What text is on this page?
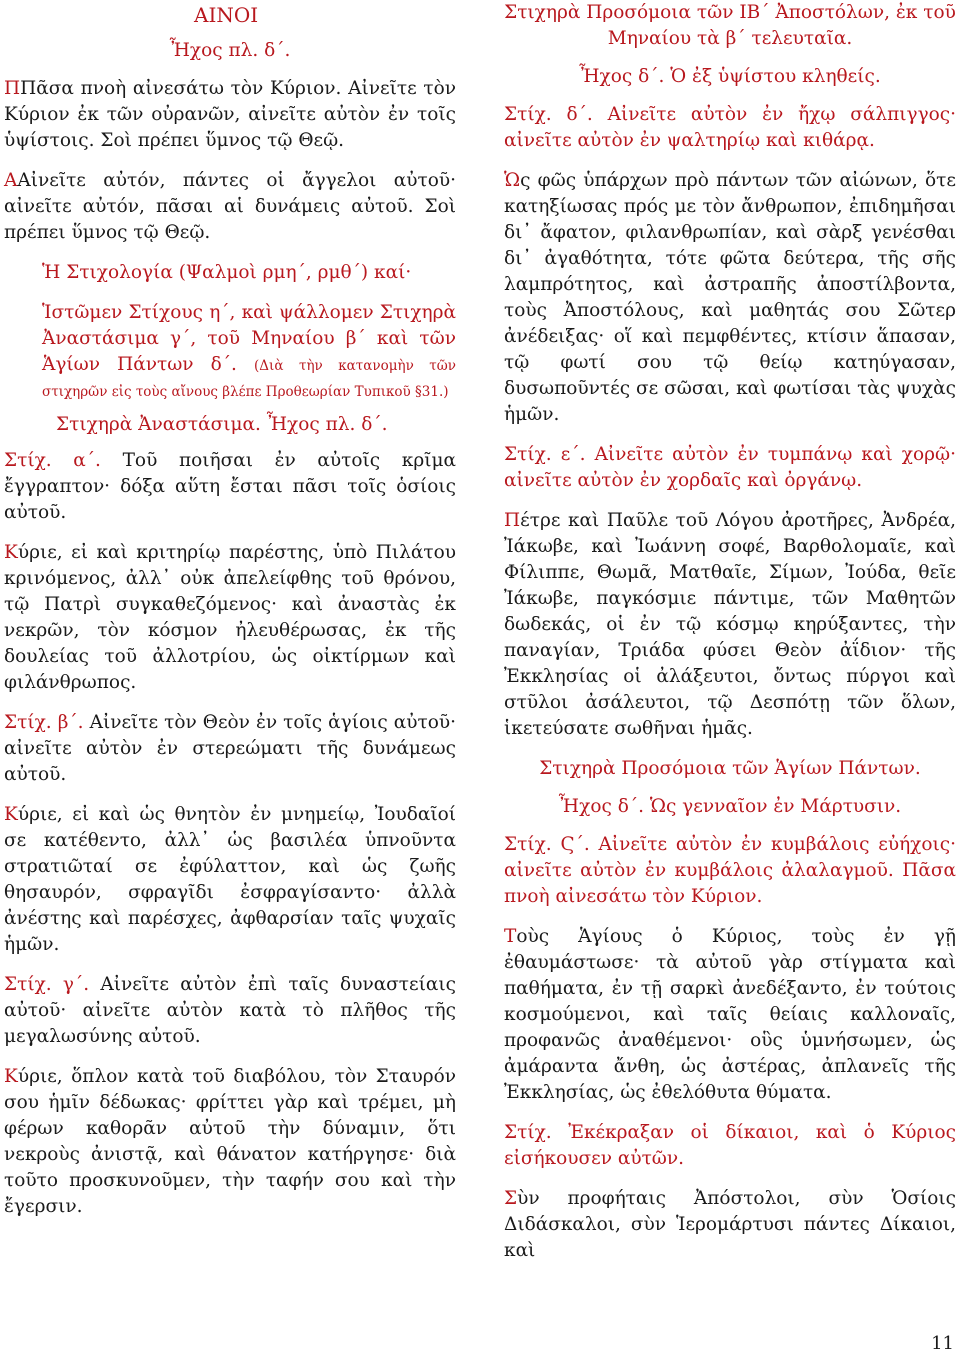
ΑΙΝΟΙ

Ἦχος πλ. δ΄.

ΠΠᾶσα πνοὴ αἰνεσάτω τὸν Κύριον. Αἰνεῖτε τὸν Κύριον ἐκ τῶν οὐρανῶν, αἰνεῖτε αὐτὸν ἐν τοῖς ὑψίστοις. Σοὶ πρέπει ὕμνος τῷ Θεῷ.

ΑΑἰνεῖτε αὐτόν, πάντες οἱ ἄγγελοι αὐτοῦ· αἰνεῖτε αὐτόν, πᾶσαι αἱ δυνάμεις αὐτοῦ. Σοὶ πρέπει ὕμνος τῷ Θεῷ.

Ἡ Στιχολογία (Ψαλμοὶ ρμη΄, ρμθ΄) καί·

Ἱστῶμεν Στίχους η΄, καὶ ψάλλομεν Στιχηρὰ Ἀναστάσιμα γ΄, τοῦ Μηναίου β΄ καὶ τῶν Ἁγίων Πάντων δ΄. (Διὰ τὴν κατανομὴν τῶν στιχηρῶν εἰς τοὺς αἴνους βλέπε Προθεωρίαν Τυπικοῦ §31.)

Στιχηρὰ Ἀναστάσιμα. Ἦχος πλ. δ΄.

Στίχ. α΄. Τοῦ ποιῆσαι ἐν αὐτοῖς κρῖμα ἔγγραπτον· δόξα αὕτη ἔσται πᾶσι τοῖς ὁσίοις αὐτοῦ.

Κύριε, εἰ καὶ κριτηρίῳ παρέστης, ὑπὸ Πιλάτου κρινόμενος, ἀλλ᾽ οὐκ ἀπελείφθης τοῦ θρόνου, τῷ Πατρὶ συγκαθεζόμενος· καὶ ἀναστὰς ἐκ νεκρῶν, τὸν κόσμον ἠλευθέρωσας, ἐκ τῆς δουλείας τοῦ ἀλλοτρίου, ὡς οἰκτίρμων καὶ φιλάνθρωπος.

Στίχ. β΄. Αἰνεῖτε τὸν Θεὸν ἐν τοῖς ἁγίοις αὐτοῦ· αἰνεῖτε αὐτὸν ἐν στερεώματι τῆς δυνάμεως αὐτοῦ.

Κύριε, εἰ καὶ ὡς θνητὸν ἐν μνημείῳ, Ἰουδαῖοί σε κατέθεντο, ἀλλ᾽ ὡς βασιλέα ὑπνοῦντα στρατιῶταί σε ἐφύλαττον, καὶ ὡς ζωῆς θησαυρόν, σφραγῖδι ἐσφραγίσαντο· ἀλλὰ ἀνέστης καὶ παρέσχες, ἀφθαρσίαν ταῖς ψυχαῖς ἡμῶν.

Στίχ. γ΄. Αἰνεῖτε αὐτὸν ἐπὶ ταῖς δυναστείαις αὐτοῦ· αἰνεῖτε αὐτὸν κατὰ τὸ πλῆθος τῆς μεγαλωσύνης αὐτοῦ.

Κύριε, ὅπλον κατὰ τοῦ διαβόλου, τὸν Σταυρόν σου ἡμῖν δέδωκας· φρίττει γὰρ καὶ τρέμει, μὴ φέρων καθορᾶν αὐτοῦ τὴν δύναμιν, ὅτι νεκροὺς ἀνιστᾷ, καὶ θάνατον κατήργησε· διὰ τοῦτο προσκυνοῦμεν, τὴν ταφήν σου καὶ τὴν ἔγερσιν.

Στιχηρὰ Προσόμοια τῶν ΙΒ΄ Ἀποστόλων, ἐκ τοῦ Μηναίου τὰ β΄ τελευταῖα.

Ἦχος δ΄. Ὁ ἐξ ὑψίστου κληθείς.

Στίχ. δ΄. Αἰνεῖτε αὐτὸν ἐν ἤχῳ σάλπιγγος· αἰνεῖτε αὐτὸν ἐν ψαλτηρίῳ καὶ κιθάρᾳ.

Ὡς φῶς ὑπάρχων πρὸ πάντων τῶν αἰώνων, ὅτε κατηξίωσας πρός με τὸν ἄνθρωπον, ἐπιδημῆσαι δι᾽ ἄφατον, φιλανθρωπίαν, καὶ σὰρξ γενέσθαι δι᾽ ἀγαθότητα, τότε φῶτα δεύτερα, τῆς σῆς λαμπρότητος, καὶ ἀστραπῆς ἀποστίλβοντα, τοὺς Ἀποστόλους, καὶ μαθητάς σου Σῶτερ ἀνέδειξας· οἵ καὶ πεμφθέντες, κτίσιν ἅπασαν, τῷ φωτί σου τῷ θείῳ κατηύγασαν, δυσωποῦντές σε σῶσαι, καὶ φωτίσαι τὰς ψυχὰς ἡμῶν.

Στίχ. ε΄. Αἰνεῖτε αὐτὸν ἐν τυμπάνῳ καὶ χορῷ· αἰνεῖτε αὐτὸν ἐν χορδαῖς καὶ ὀργάνῳ.

Πέτρε καὶ Παῦλε τοῦ Λόγου ἀροτῆρες, Ἀνδρέα, Ἰάκωβε, καὶ Ἰωάννη σοφέ, Βαρθολομαῖε, καὶ Φίλιππε, Θωμᾶ, Ματθαῖε, Σίμων, Ἰούδα, θεῖε Ἰάκωβε, παγκόσμιε πάντιμε, τῶν Μαθητῶν δωδεκάς, οἱ ἐν τῷ κόσμῳ κηρύξαντες, τὴν παναγίαν, Τριάδα φύσει Θεὸν ἀΐδιον· τῆς Ἐκκλησίας οἱ ἀλάξευτοι, ὄντως πύργοι καὶ στῦλοι ἀσάλευτοι, τῷ Δεσπότῃ τῶν ὅλων, ἱκετεύσατε σωθῆναι ἡμᾶς.

Στιχηρὰ Προσόμοια τῶν Ἁγίων Πάντων.

Ἦχος δ΄. Ὡς γενναῖον ἐν Μάρτυσιν.

Στίχ. Ϛ΄. Αἰνεῖτε αὐτὸν ἐν κυμβάλοις εὐήχοις· αἰνεῖτε αὐτὸν ἐν κυμβάλοις ἀλαλαγμοῦ. Πᾶσα πνοὴ αἰνεσάτω τὸν Κύριον.

Τοὺς Ἁγίους ὁ Κύριος, τοὺς ἐν γῇ ἐθαυμάστωσε· τὰ αὐτοῦ γὰρ στίγματα καὶ παθήματα, ἐν τῇ σαρκὶ ἀνεδέξαντο, ἐν τούτοις κοσμούμενοι, καὶ ταῖς θείαις καλλοναῖς, προφανῶς ἀναθέμενοι· οὓς ὑμνήσωμεν, ὡς ἀμάραντα ἄνθη, ὡς ἀστέρας, ἀπλανεῖς τῆς Ἐκκλησίας, ὡς ἐθελόθυτα θύματα.

Στίχ. Ἐκέκραξαν οἱ δίκαιοι, καὶ ὁ Κύριος εἰσήκουσεν αὐτῶν.

Σὺν προφήταις Ἀπόστολοι, σὺν Ὁσίοις Διδάσκαλοι, σὺν Ἱερομάρτυσι πάντες Δίκαιοι, καὶ

11
